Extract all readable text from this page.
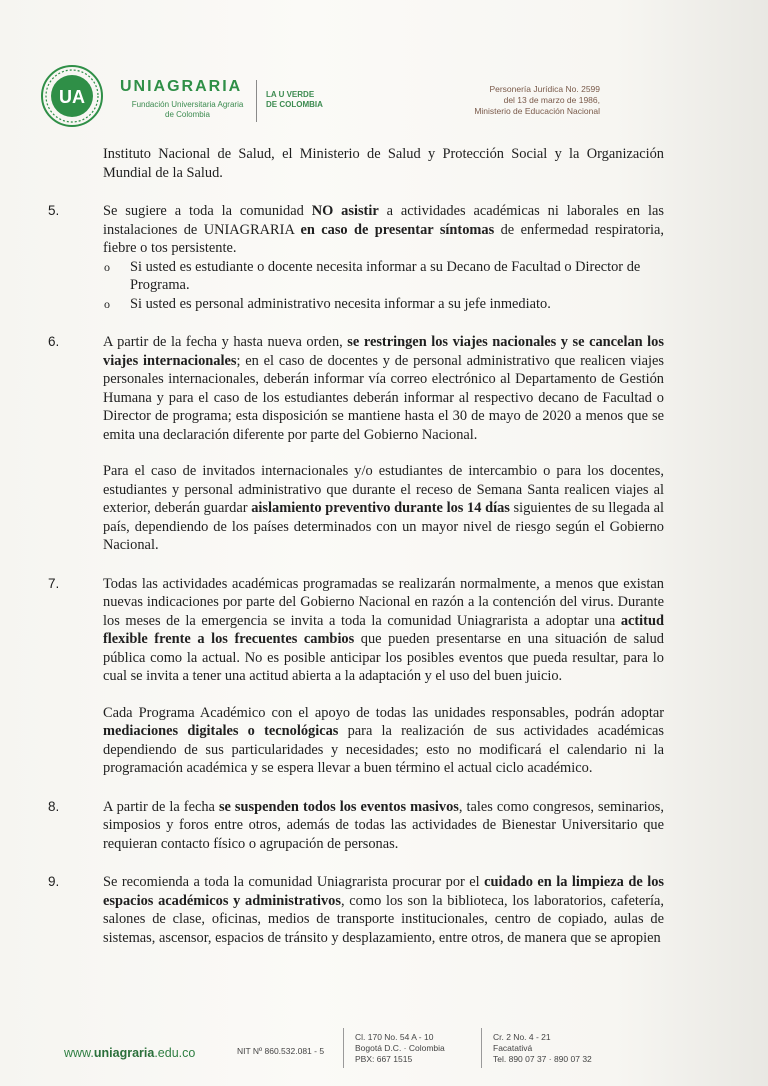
UA
UNIAGRARIA
Fundación Universitaria Agraria
de Colombia
LA U VERDE
DE COLOMBIA
Personería Jurídica No. 2599
del 13 de marzo de 1986,
Ministerio de Educación Nacional

Instituto Nacional de Salud, el Ministerio de Salud y Protección Social y la Organización Mundial de la Salud.

5.	Se sugiere a toda la comunidad NO asistir a actividades académicas ni laborales en las instalaciones de UNIAGRARIA en caso de presentar síntomas de enfermedad respiratoria, fiebre o tos persistente.

o Si usted es estudiante o docente necesita informar a su Decano de Facultad o Director de Programa.
o Si usted es personal administrativo necesita informar a su jefe inmediato.
6.	A partir de la fecha y hasta nueva orden, se restringen los viajes nacionales y se cancelan los viajes internacionales; en el caso de docentes y de personal administrativo que realicen viajes personales internacionales, deberán informar vía correo electrónico al Departamento de Gestión Humana y para el caso de los estudiantes deberán informar al respectivo decano de Facultad o Director de programa; esta disposición se mantiene hasta el 30 de mayo de 2020 a menos que se emita una declaración diferente por parte del Gobierno Nacional.

Para el caso de invitados internacionales y/o estudiantes de intercambio o para los docentes, estudiantes y personal administrativo que durante el receso de Semana Santa realicen viajes al exterior, deberán guardar aislamiento preventivo durante los 14 días siguientes de su llegada al país, dependiendo de los países determinados con un mayor nivel de riesgo según el Gobierno Nacional.

7.	Todas las actividades académicas programadas se realizarán normalmente, a menos que existan nuevas indicaciones por parte del Gobierno Nacional en razón a la contención del virus. Durante los meses de la emergencia se invita a toda la comunidad Uniagrarista a adoptar una actitud flexible frente a los frecuentes cambios que pueden presentarse en una situación de salud pública como la actual. No es posible anticipar los posibles eventos que pueda resultar, para lo cual se invita a tener una actitud abierta a la adaptación y el uso del buen juicio.

Cada Programa Académico con el apoyo de todas las unidades responsables, podrán adoptar mediaciones digitales o tecnológicas para la realización de sus actividades académicas dependiendo de sus particularidades y necesidades; esto no modificará el calendario ni la programación académica y se espera llevar a buen término el actual ciclo académico.

8.	A partir de la fecha se suspenden todos los eventos masivos, tales como congresos, seminarios, simposios y foros entre otros, además de todas las actividades de Bienestar Universitario que requieran contacto físico o agrupación de personas.

9.	Se recomienda a toda la comunidad Uniagrarista procurar por el cuidado en la limpieza de los espacios académicos y administrativos, como los son la biblioteca, los laboratorios, cafetería, salones de clase, oficinas, medios de transporte institucionales, centro de copiado, aulas de sistemas, ascensor, espacios de tránsito y desplazamiento, entre otros, de manera que se apropien

www.uniagraria.edu.co	NIT Nº 860.532.081 - 5
Cl. 170 No. 54 A - 10
Bogotá D.C. · Colombia
PBX: 667 1515
Cr. 2 No. 4 - 21
Facatativá
Tel. 890 07 37 · 890 07 32
